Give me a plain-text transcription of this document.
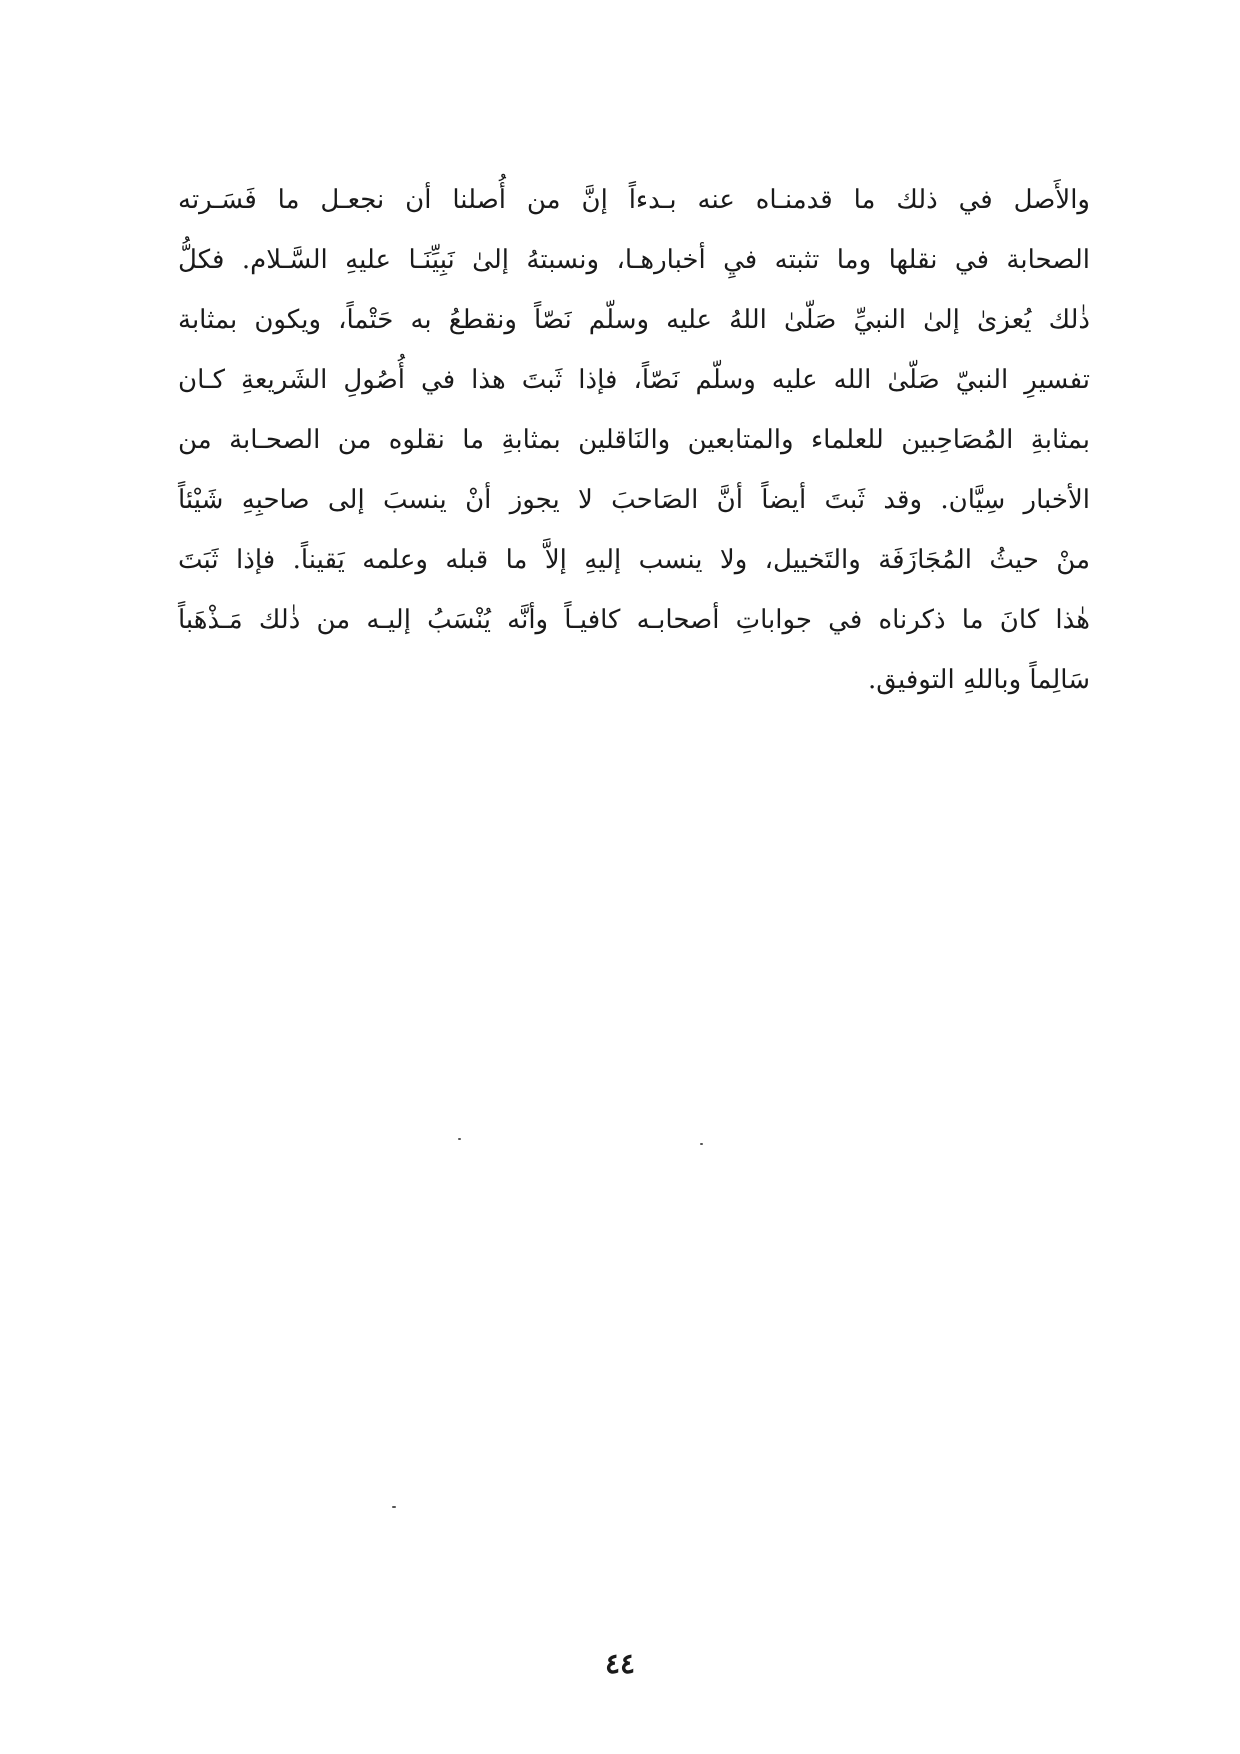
والأَصل في ذلك ما قدمنـاه عنه بـدءاً إنَّ من أُصلنا أن نجعـل ما فَسَـرته
الصحابة في نقلها وما تثبته فيِ أخبارهـا، ونسبتهُ إلىٰ نَبِيِّنَـا عليهِ السَّـلام. فكلُّ
ذٰلك يُعزىٰ إلىٰ النبيِّ صَلّىٰ اللهُ عليه وسلّم نَصّاً ونقطعُ به حَتْماً، ويكون بمثابة
تفسيرِ النبيّ صَلّىٰ الله عليه وسلّم نَصّاً، فإذا ثَبتَ هذا في أُصُولِ الشَريعةِ كـان
بمثابةِ المُصَاحِبين للعلماء والمتابعين والنَاقلين بمثابةِ ما نقلوه من الصحـابة من
الأخبار سِيَّان. وقد ثَبتَ أيضاً أنَّ الصَاحبَ لا يجوز أنْ ينسبَ إلى صاحبِهِ شَيْئاً
منْ حيثُ المُجَازَفَة والتَخييل، ولا ينسب إليهِ إلاَّ ما قبله وعلمه يَقيناً. فإذا ثَبَتَ
هٰذا كانَ ما ذكرناه في جواباتِ أصحابـه كافيـاً وأنَّه يُنْسَبُ إليـه من ذٰلك مَـذْهَباً
سَالِماً وباللهِ التوفيق.
٤٤
